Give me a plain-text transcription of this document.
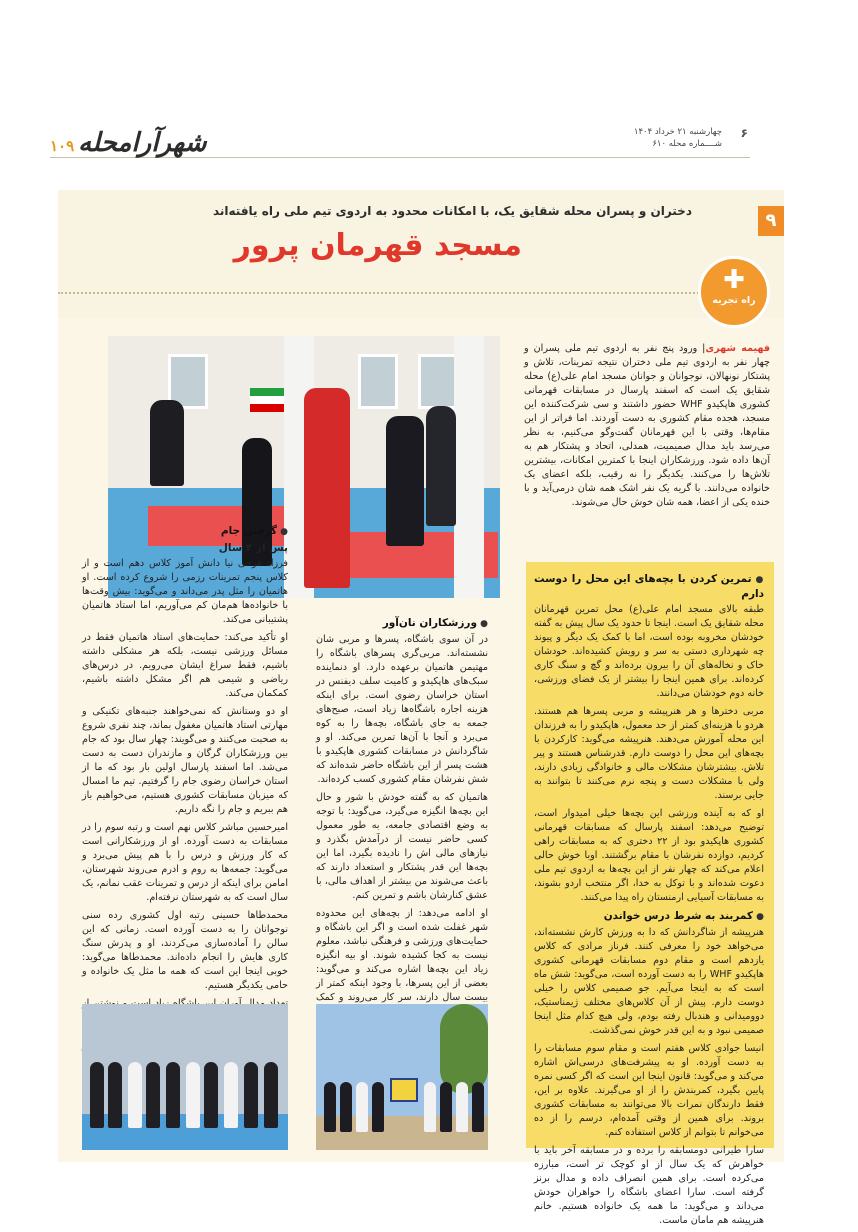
۱۰۹ شهرآرامحله	چهارشنبه ۲۱ خرداد ۱۴۰۴
شــــماره محله ۶۱۰
۶
دختران و پسران محله شقایق یک، با امکانات محدود به اردوی تیم ملی راه یافته‌اند
مسجد قهرمان پرور
۹
✚
راه تجربه

فهیمه شهری| ورود پنج نفر به اردوی تیم ملی پسران و چهار نفر به اردوی تیم ملی دختران نتیجه تمرینات، تلاش و پشتکار نونهالان، نوجوانان و جوانان مسجد امام علی(ع) محله شقایق یک است که اسفند پارسال در مسابقات قهرمانی کشوری هاپکیدو WHF حضور داشتند و سی شرکت‌کننده این مسجد، هجده مقام کشوری به دست آوردند. اما فراتر از این مقام‌ها، وقتی با این قهرمانان گفت‌وگو می‌کنیم، به نظر می‌رسد باید مدال صمیمیت، همدلی، اتحاد و پشتکار هم به آن‌ها داده شود. ورزشکاران اینجا با کمترین امکانات، بیشترین تلاش‌ها را می‌کنند. یکدیگر را نه رقیب، بلکه اعضای یک خانواده می‌دانند. با گریه یک نفر اشک همه شان درمی‌آید و با خنده یکی از اعضا، همه شان خوش حال می‌شوند.

● تمرین کردن با بچه‌های این محل را دوست دارم

طبقه بالای مسجد امام علی(ع) محل تمرین قهرمانان محله شقایق یک است. اینجا تا حدود یک سال پیش به گفته خودشان مخروبه بوده است، اما با کمک یک دیگر و پیوند چه شهرداری دستی به سر و رویش کشیده‌اند. خودشان خاک و نخاله‌های آن را بیرون برده‌اند و گچ و سنگ کاری کرده‌اند. برای همین اینجا را بیشتر از یک فضای ورزشی، خانه دوم خودشان می‌دانند.

مربی دختر‌ها و هر هنرپیشه و مربی پسرها هم هستند. هردو با هزینه‌ای کمتر از حد معمول، هاپکیدو را به فرزندان این محله آموزش می‌دهند. هنرپیشه می‌گوید: کارکردن با بچه‌های این محل را دوست دارم. قدرشناس هستند و پیر تلاش. بیشترشان مشکلات مالی و خانوادگی زیادی دارند، ولی با مشکلات دست و پنجه نرم می‌کنند تا بتوانند به جایی برسند.

او که به آینده ورزشی این بچه‌ها خیلی امیدوار است، توضیح می‌دهد: اسفند پارسال که مسابقات قهرمانی کشوری هاپکیدو بود از ۲۲ دختری که به مسابقات راهی کردیم، دوازده نفرشان با مقام برگشتند. اوبا خوش حالی اعلام می‌کند که چهار نفر از این بچه‌ها به اردوی تیم ملی دعوت شده‌اند و با توکل به خدا، اگر منتخب اردو بشوند، به مسابقات آسیایی ارمنستان راه پیدا می‌کنند.

● کمربند به شرط درس خواندن

هنرپیشه از شاگردانش که دا به ورزش کارش نشسته‌اند، می‌خواهد خود را معرفی کنند. فرناز مرادی که کلاس یازدهم است و مقام دوم مسابقات قهرمانی کشوری هاپکیدو WHF را به دست آورده است، می‌گوید: شش ماه است که به اینجا می‌آیم. جو صمیمی کلاس را خیلی دوست دارم. پیش از آن کلاس‌های مختلف ژیمناستیک، دوومیدانی و هندبال رفته بودم، ولی هیچ کدام مثل اینجا صمیمی نبود و به این قدر خوش نمی‌گذشت.

انیسا جوادی کلاس هفتم است و مقام سوم مسابقات را به دست آورده. او به پیشرفت‌های درسی‌اش اشاره می‌کند و می‌گوید: قانون اینجا این است که اگر کسی نمره پایین بگیرد، کمربندش را از او می‌گیرند. علاوه بر این، فقط دارندگان نمرات بالا می‌توانند به مسابقات کشوری بروند. برای همین از وقتی آمده‌ام، درسم را از ده می‌خوانم تا بتوانم از کلاس استفاده کنم.

سارا طیرانی دومسابقه را برده و در مسابقه آخر باید با خواهرش که یک سال از او کوچک تر است، مبارزه می‌کرده است. برای همین انصراف داده و مدال برنز گرفته است. سارا اعضای باشگاه را خواهران خودش می‌داند و می‌گوید: ما همه یک خانواده هستیم. خانم هنرپیشه هم مامان ماست.

● ورزشکاران نان‌آور

در آن سوی باشگاه، پسرها و مربی شان نشسته‌اند. مربی‌گری پسرهای باشگاه را مهتیمن هاتمیان برعهده دارد. او دنماینده سبک‌های هاپکیدو و کامیت سلف دیفنس در استان خراسان رضوی است. برای اینکه هزینه اجاره باشگاه‌ها زیاد است، صبح‌های جمعه به جای باشگاه، بچه‌ها را به کوه می‌برد و آنجا با آن‌ها تمرین می‌کند. او و شاگردانش در مسابقات کشوری هاپکیدو با هشت پسر از این باشگاه حاضر شده‌اند که شش نفرشان مقام کشوری کسب کرده‌اند.

هاتمیان که به گفته خودش با شور و حال این بچه‌ها انگیزه می‌گیرد، می‌گوید: با توجه به وضع اقتصادی جامعه، به طور معمول کسی حاضر نیست از درآمدش بگذرد و نیازهای مالی اش را نادیده بگیرد، اما این بچه‌ها این قدر پشتکار و استعداد دارند که باعث می‌شوند من بیشتر از اهداف مالی، با عشق کنارشان باشم و تمرین کنم.

او ادامه می‌دهد: از بچه‌های این محدوده شهر غفلت شده است و اگر این باشگاه و حمایت‌های ورزشی و فرهنگی نباشد، معلوم نیست به کجا کشیده شوند. او بیه انگیزه زیاد این بچه‌ها اشاره می‌کند و می‌گوید: بعضی از این پسرها، با وجود اینکه کمتر از بیست سال دارند، سر کار می‌روند و کمک

● گرفتن جام
پس از ۴ سال

فرزاد فرخی نیا دانش آموز کلاس دهم است و از کلاس پنجم تمرینات رزمی را شروع کرده است. او هاتمیان را مثل پدر می‌داند و می‌گوید: بیش وقت‌ها با خانواده‌ها هم‌مان کم می‌آوریم، اما استاد هاتمیان پشتیبانی می‌کند.

او تأکید می‌کند: حمایت‌های استاد هاتمیان فقط در مسائل ورزشی نیست، بلکه هر مشکلی داشته باشیم، فقط سراغ ایشان می‌رویم. در درس‌های ریاضی و شیمی هم اگر مشکل داشته باشیم، کمکمان می‌کند.

او دو وستانش که نمی‌خواهند جنبه‌های تکنیکی و مهارتی استاد هاتمیان مغفول بماند، چند نفری شروع به صحبت می‌کنند و می‌گویند: چهار سال بود که جام بین ورزشکاران گرگان و مازندران دست به دست می‌شد. اما اسفند پارسال اولین بار بود که ما از استان خراسان رضوی جام را گرفتیم. تیم ما امسال که میزبان مسابقات کشوری هستیم، می‌خواهیم باز هم ببریم و جام را نگه داریم.

امیرحسین مباشر کلاس نهم است و رتبه سوم را در مسابقات به دست آورده. او از ورزشکارانی است که کار ورزش و درس را با هم پیش می‌برد و می‌گوید: جمعه‌ها به روم و ادرم می‌روند شهرستان، امامن برای اینکه از درس و تمرینات عقب نمانم، یک سال است که به شهرستان نرفته‌ام.

محمدطاها حسینی رتبه اول کشوری رده سنی نوجوانان را به دست آورده است. زمانی که این سالن را آماده‌سازی می‌کردند، او و پدرش سنگ کاری هایش را انجام داده‌اند. محمدطاها می‌گوید: خوبی اینجا این است که همه ما مثل یک خانواده و حامی یکدیگر هستیم.
